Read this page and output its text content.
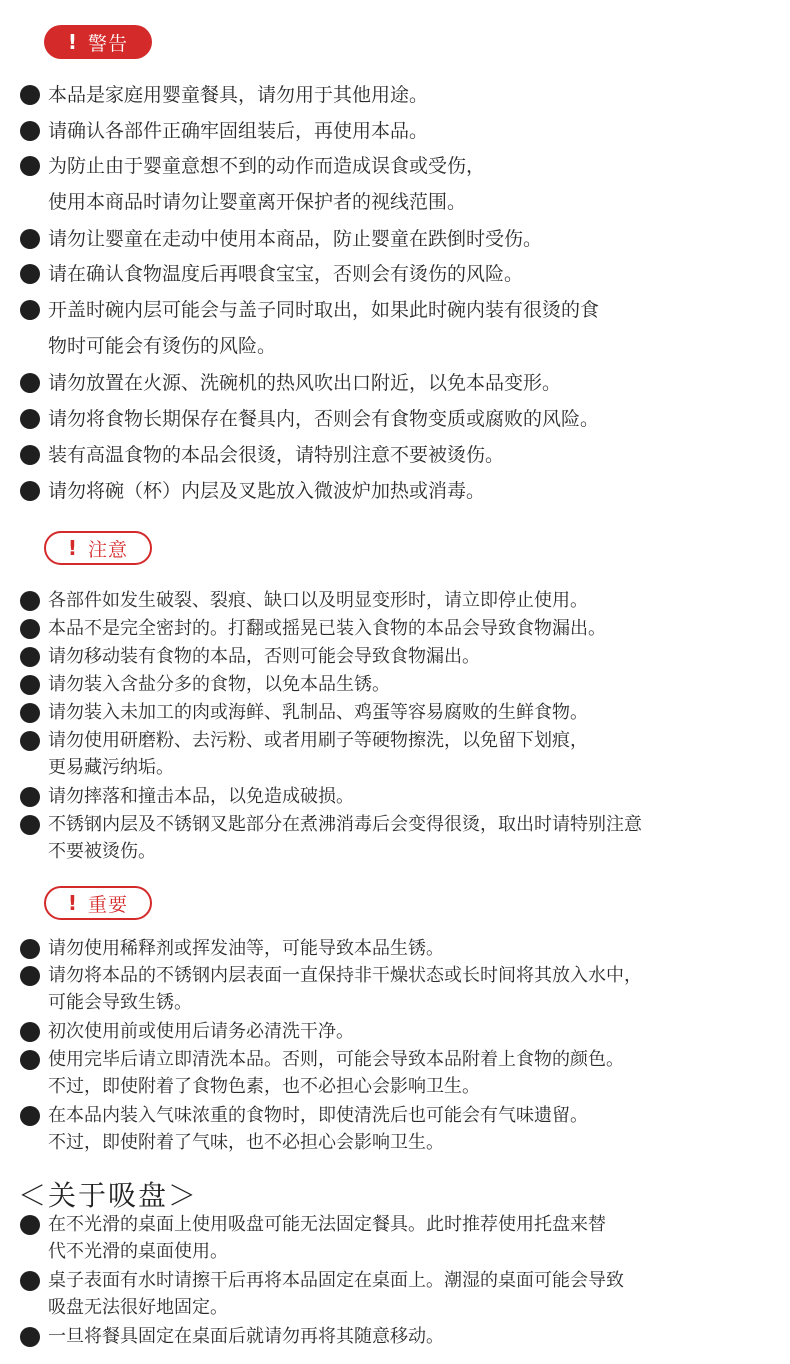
! 警告
本品是家庭用婴童餐具，请勿用于其他用途。
请确认各部件正确牢固组装后，再使用本品。
为防止由于婴童意想不到的动作而造成误食或受伤，
使用本商品时请勿让婴童离开保护者的视线范围。
请勿让婴童在走动中使用本商品，防止婴童在跌倒时受伤。
请在确认食物温度后再喂食宝宝，否则会有烫伤的风险。
开盖时碗内层可能会与盖子同时取出，如果此时碗内装有很烫的食
物时可能会有烫伤的风险。
请勿放置在火源、洗碗机的热风吹出口附近，以免本品变形。
请勿将食物长期保存在餐具内，否则会有食物变质或腐败的风险。
装有高温食物的本品会很烫，请特别注意不要被烫伤。
请勿将碗（杯）内层及叉匙放入微波炉加热或消毒。
! 注意
各部件如发生破裂、裂痕、缺口以及明显变形时，请立即停止使用。
本品不是完全密封的。打翻或摇晃已装入食物的本品会导致食物漏出。
请勿移动装有食物的本品，否则可能会导致食物漏出。
请勿装入含盐分多的食物，以免本品生锈。
请勿装入未加工的肉或海鲜、乳制品、鸡蛋等容易腐败的生鲜食物。
请勿使用研磨粉、去污粉、或者用刷子等硬物擦洗，以免留下划痕，
更易藏污纳垢。
请勿摔落和撞击本品，以免造成破损。
不锈钢内层及不锈钢叉匙部分在煮沸消毒后会变得很烫，取出时请特别注意
不要被烫伤。
! 重要
请勿使用稀释剂或挥发油等，可能导致本品生锈。
请勿将本品的不锈钢内层表面一直保持非干燥状态或长时间将其放入水中，
可能会导致生锈。
初次使用前或使用后请务必清洗干净。
使用完毕后请立即清洗本品。否则，可能会导致本品附着上食物的颜色。
不过，即使附着了食物色素，也不必担心会影响卫生。
在本品内装入气味浓重的食物时，即使清洗后也可能会有气味遗留。
不过，即使附着了气味，也不必担心会影响卫生。
＜关于吸盘＞
在不光滑的桌面上使用吸盘可能无法固定餐具。此时推荐使用托盘来替
代不光滑的桌面使用。
桌子表面有水时请擦干后再将本品固定在桌面上。潮湿的桌面可能会导致
吸盘无法很好地固定。
一旦将餐具固定在桌面后就请勿再将其随意移动。
